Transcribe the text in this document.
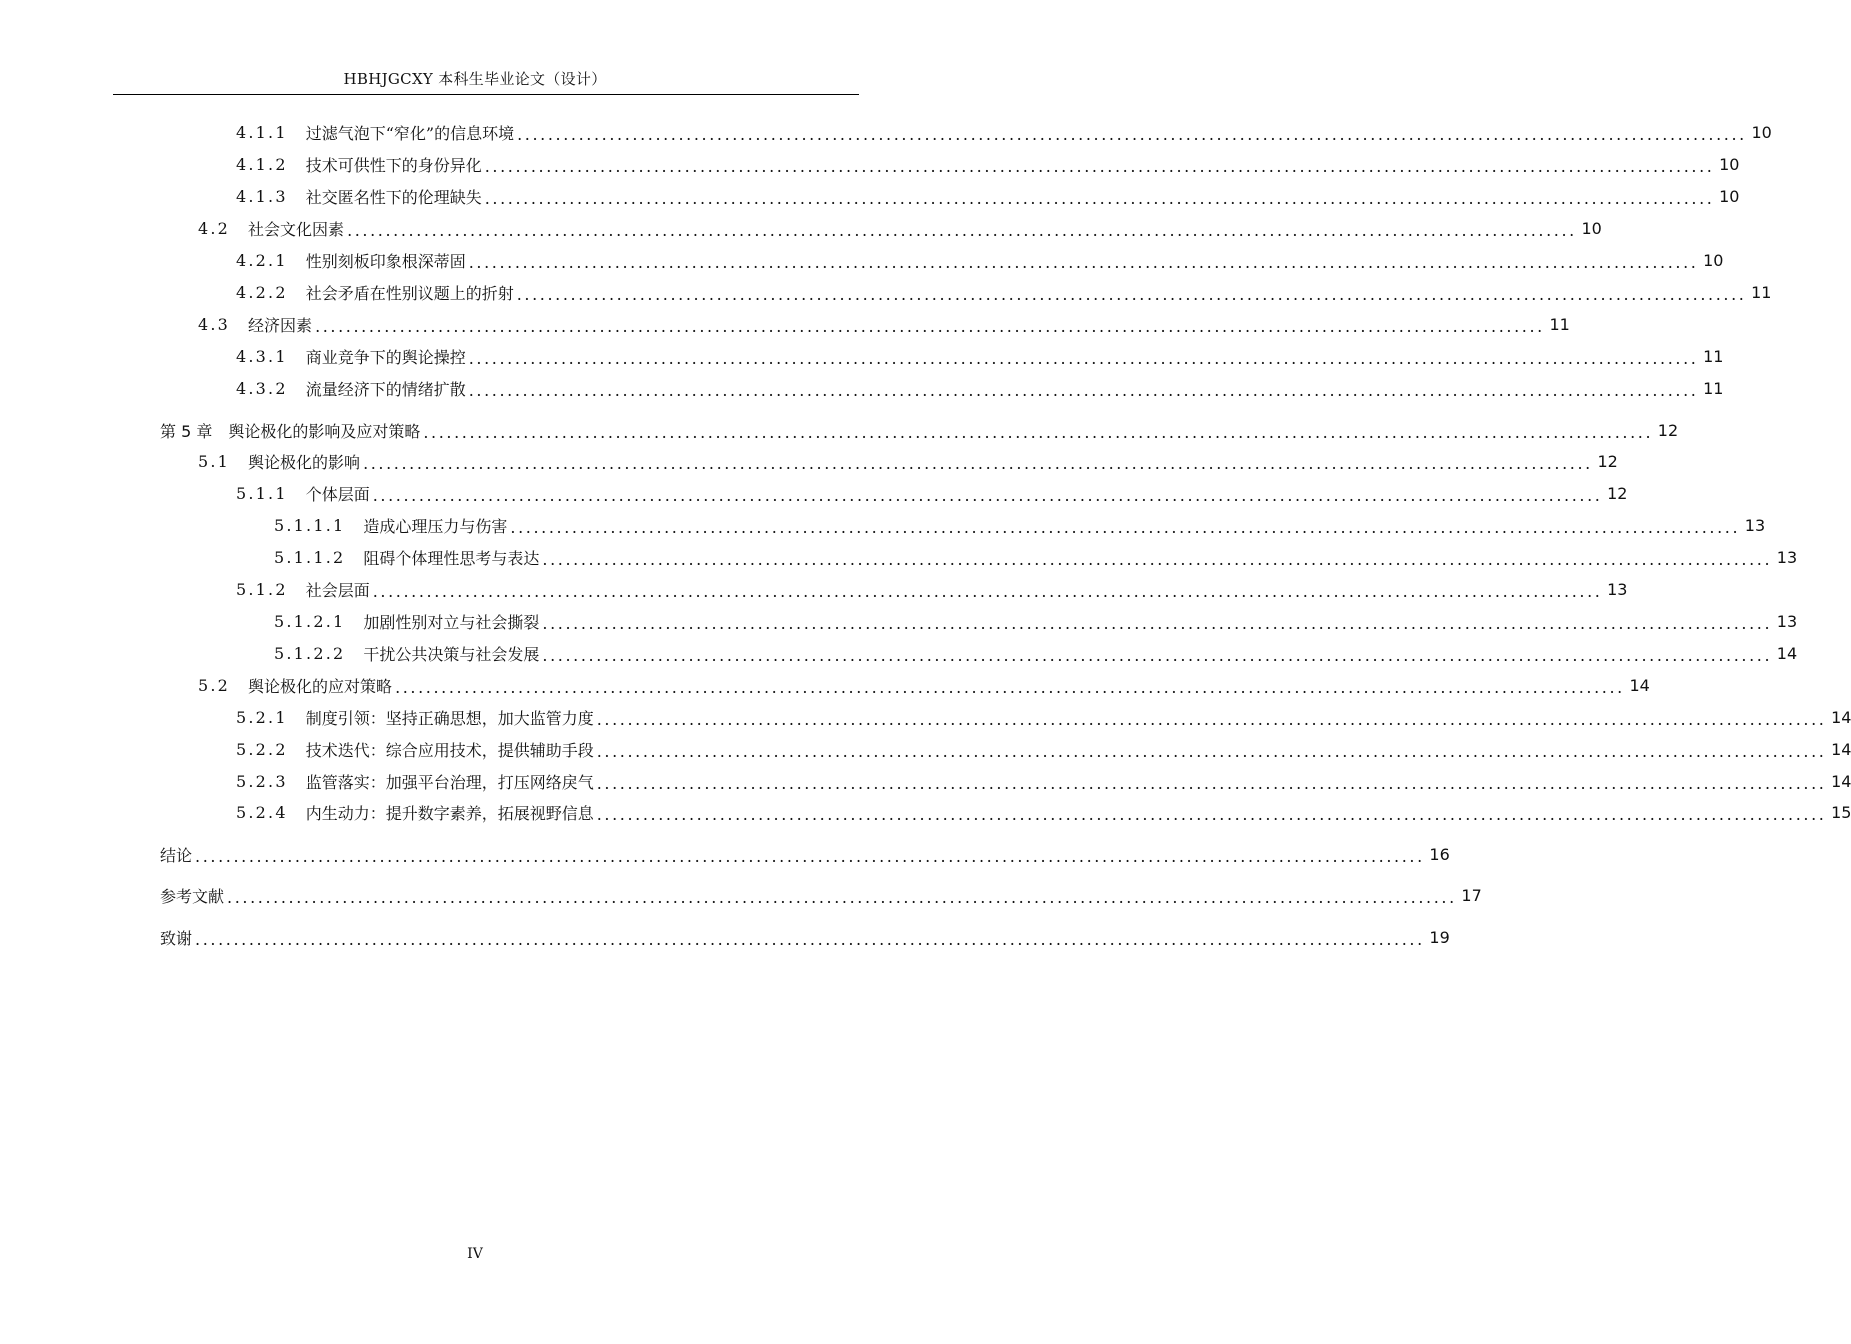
HBHJGCXY 本科生毕业论文（设计）
4.1.1 过滤气泡下“窄化”的信息环境 ................................................................................................................................................................ 10
4.1.2 技术可供性下的身份异化 ................................................................................................................................................................ 10
4.1.3 社交匿名性下的伦理缺失 ................................................................................................................................................................ 10
4.2 社会文化因素 ................................................................................................................................................................ 10
4.2.1 性别刻板印象根深蒂固 ................................................................................................................................................................ 10
4.2.2 社会矛盾在性别议题上的折射 ................................................................................................................................................................ 11
4.3 经济因素 ................................................................................................................................................................ 11
4.3.1 商业竞争下的舆论操控 ................................................................................................................................................................ 11
4.3.2 流量经济下的情绪扩散 ................................................................................................................................................................ 11
第 5 章 舆论极化的影响及应对策略 ................................................................................................................................................................ 12
5.1 舆论极化的影响 ................................................................................................................................................................ 12
5.1.1 个体层面 ................................................................................................................................................................ 12
5.1.1.1 造成心理压力与伤害 ................................................................................................................................................................ 13
5.1.1.2 阻碍个体理性思考与表达 ................................................................................................................................................................ 13
5.1.2 社会层面 ................................................................................................................................................................ 13
5.1.2.1 加剧性别对立与社会撕裂 ................................................................................................................................................................ 13
5.1.2.2 干扰公共决策与社会发展 ................................................................................................................................................................ 14
5.2 舆论极化的应对策略 ................................................................................................................................................................ 14
5.2.1 制度引领：坚持正确思想，加大监管力度 ................................................................................................................................................................ 14
5.2.2 技术迭代：综合应用技术，提供辅助手段 ................................................................................................................................................................ 14
5.2.3 监管落实：加强平台治理，打压网络戾气 ................................................................................................................................................................ 14
5.2.4 内生动力：提升数字素养，拓展视野信息 ................................................................................................................................................................ 15
结论 ................................................................................................................................................................ 16
参考文献 ................................................................................................................................................................ 17
致谢 ................................................................................................................................................................ 19
IV
